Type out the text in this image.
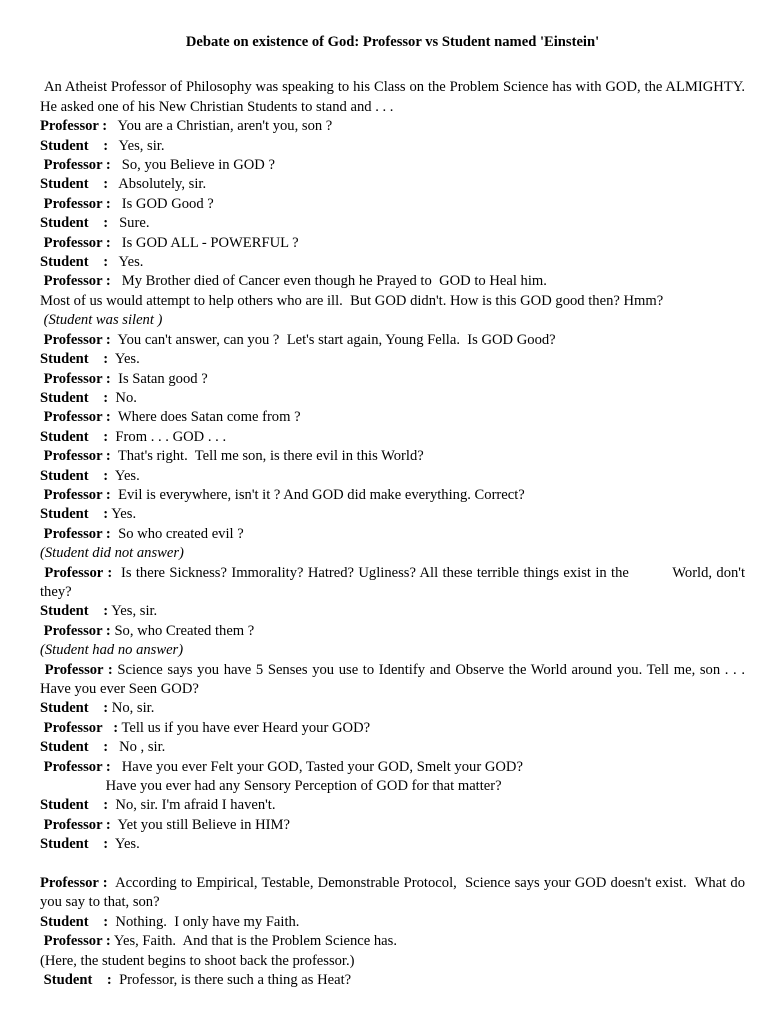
Debate on existence of God: Professor vs Student named 'Einstein'

An Atheist Professor of Philosophy was speaking to his Class on the Problem Science has with GOD, the ALMIGHTY. He asked one of his New Christian Students to stand and . . .

Professor :   You are a Christian, aren't you, son ?

Student    :   Yes, sir.

Professor :   So, you Believe in GOD ?

Student    :   Absolutely, sir.

Professor :   Is GOD Good ?

Student    :   Sure.

Professor :   Is GOD ALL - POWERFUL ?

Student    :   Yes.

Professor :   My Brother died of Cancer even though he Prayed to  GOD to Heal him.

Most of us would attempt to help others who are ill.  But GOD didn't. How is this GOD good then? Hmm?

(Student was silent )

Professor :  You can't answer, can you ?  Let's start again, Young Fella.  Is GOD Good?

Student    :  Yes.

Professor :  Is Satan good ?

Student    :  No.

Professor :  Where does Satan come from ?

Student    :  From . . . GOD . . .

Professor :  That's right.  Tell me son, is there evil in this World?

Student    :  Yes.

Professor :  Evil is everywhere, isn't it ? And GOD did make everything. Correct?

Student    : Yes.

Professor :  So who created evil ?

(Student did not answer)

Professor :  Is there Sickness? Immorality? Hatred? Ugliness? All these terrible things exist in the          World, don't they?

Student    : Yes, sir.

Professor : So, who Created them ?

(Student had no answer)

Professor : Science says you have 5 Senses you use to Identify and Observe the World around you. Tell me, son . . . Have you ever Seen GOD?

Student    : No, sir.

Professor   : Tell us if you have ever Heard your GOD?

Student    :   No , sir.

Professor :   Have you ever Felt your GOD, Tasted your GOD, Smelt your GOD?

Have you ever had any Sensory Perception of GOD for that matter?

Student    :  No, sir. I'm afraid I haven't.

Professor :  Yet you still Believe in HIM?

Student    :  Yes.

Professor :  According to Empirical, Testable, Demonstrable Protocol,  Science says your GOD doesn't exist.  What do you say to that, son?

Student    :  Nothing.  I only have my Faith.

Professor : Yes, Faith.  And that is the Problem Science has.

(Here, the student begins to shoot back the professor.)

Student    :  Professor, is there such a thing as Heat?
